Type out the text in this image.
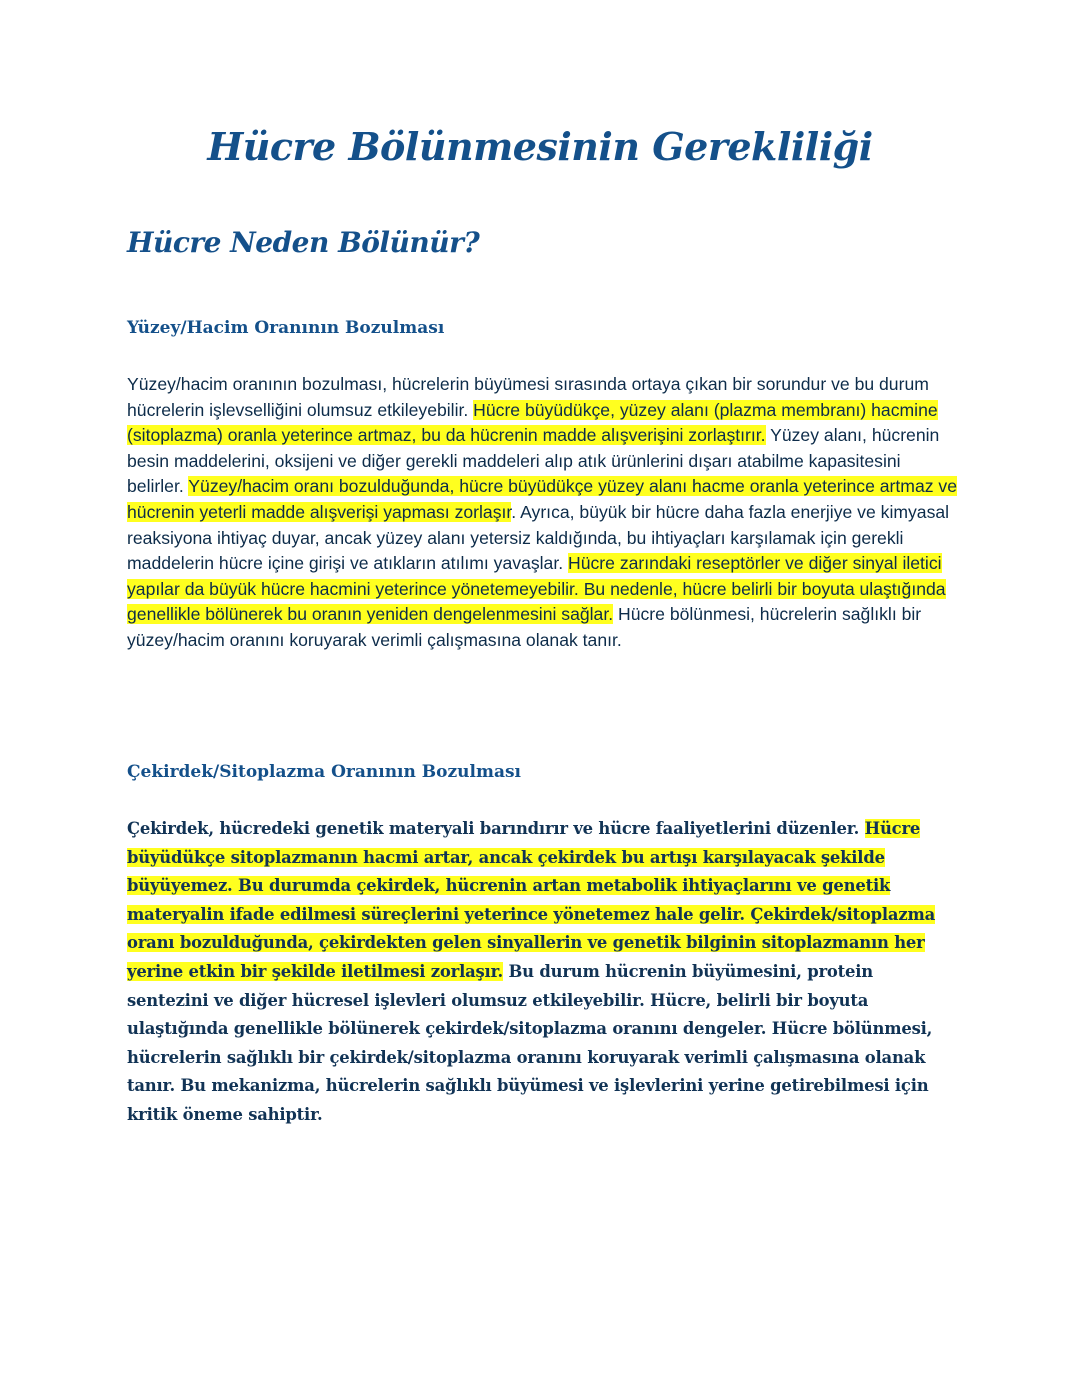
Hücre Bölünmesinin Gerekliliği
Hücre Neden Bölünür?
Yüzey/Hacim Oranının Bozulması

Yüzey/hacim oranının bozulması, hücrelerin büyümesi sırasında ortaya çıkan bir sorundur ve bu durum hücrelerin işlevselliğini olumsuz etkileyebilir. Hücre büyüdükçe, yüzey alanı (plazma membranı) hacmine (sitoplazma) oranla yeterince artmaz, bu da hücrenin madde alışverişini zorlaştırır. Yüzey alanı, hücrenin besin maddelerini, oksijeni ve diğer gerekli maddeleri alıp atık ürünlerini dışarı atabilme kapasitesini belirler. Yüzey/hacim oranı bozulduğunda, hücre büyüdükçe yüzey alanı hacme oranla yeterince artmaz ve hücrenin yeterli madde alışverişi yapması zorlaşır. Ayrıca, büyük bir hücre daha fazla enerjiye ve kimyasal reaksiyona ihtiyaç duyar, ancak yüzey alanı yetersiz kaldığında, bu ihtiyaçları karşılamak için gerekli maddelerin hücre içine girişi ve atıkların atılımı yavaşlar. Hücre zarındaki reseptörler ve diğer sinyal iletici yapılar da büyük hücre hacmini yeterince yönetemeyebilir. Bu nedenle, hücre belirli bir boyuta ulaştığında genellikle bölünerek bu oranın yeniden dengelenmesini sağlar. Hücre bölünmesi, hücrelerin sağlıklı bir yüzey/hacim oranını koruyarak verimli çalışmasına olanak tanır.

Çekirdek/Sitoplazma Oranının Bozulması

Çekirdek, hücredeki genetik materyali barındırır ve hücre faaliyetlerini düzenler. Hücre büyüdükçe sitoplazmanın hacmi artar, ancak çekirdek bu artışı karşılayacak şekilde büyüyemez. Bu durumda çekirdek, hücrenin artan metabolik ihtiyaçlarını ve genetik materyalin ifade edilmesi süreçlerini yeterince yönetemez hale gelir. Çekirdek/sitoplazma oranı bozulduğunda, çekirdekten gelen sinyallerin ve genetik bilginin sitoplazmanın her yerine etkin bir şekilde iletilmesi zorlaşır. Bu durum hücrenin büyümesini, protein sentezini ve diğer hücresel işlevleri olumsuz etkileyebilir. Hücre, belirli bir boyuta ulaştığında genellikle bölünerek çekirdek/sitoplazma oranını dengeler. Hücre bölünmesi, hücrelerin sağlıklı bir çekirdek/sitoplazma oranını koruyarak verimli çalışmasına olanak tanır. Bu mekanizma, hücrelerin sağlıklı büyümesi ve işlevlerini yerine getirebilmesi için kritik öneme sahiptir.
